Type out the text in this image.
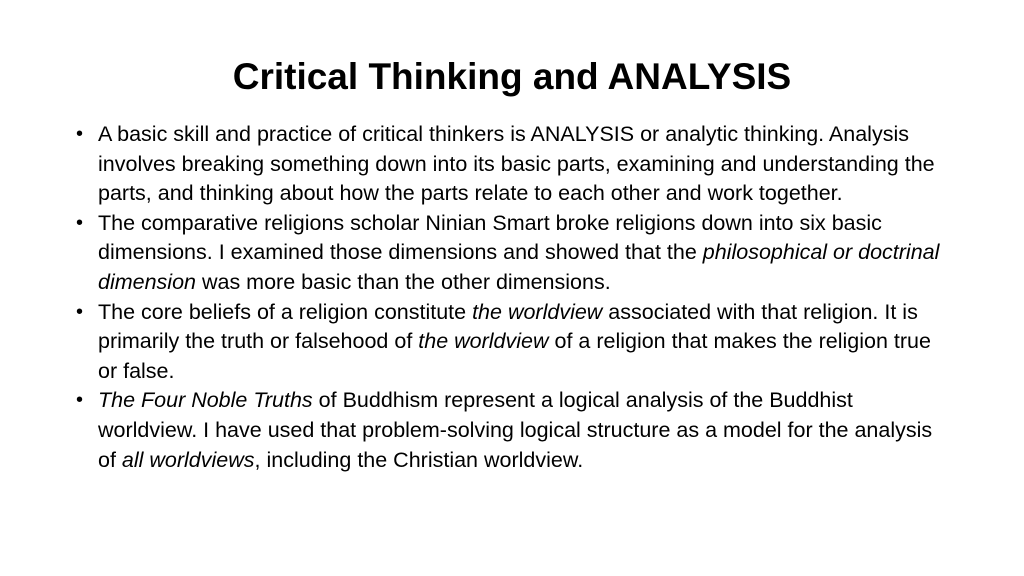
Critical Thinking and ANALYSIS
• A basic skill and practice of critical thinkers is ANALYSIS or analytic thinking. Analysis involves breaking something down into its basic parts, examining and understanding the parts, and thinking about how the parts relate to each other and work together.
• The comparative religions scholar Ninian Smart broke religions down into six basic dimensions. I examined those dimensions and showed that the philosophical or doctrinal dimension was more basic than the other dimensions.
• The core beliefs of a religion constitute the worldview associated with that religion. It is primarily the truth or falsehood of the worldview of a religion that makes the religion true or false.
• The Four Noble Truths of Buddhism represent a logical analysis of the Buddhist worldview. I have used that problem-solving logical structure as a model for the analysis of all worldviews, including the Christian worldview.
